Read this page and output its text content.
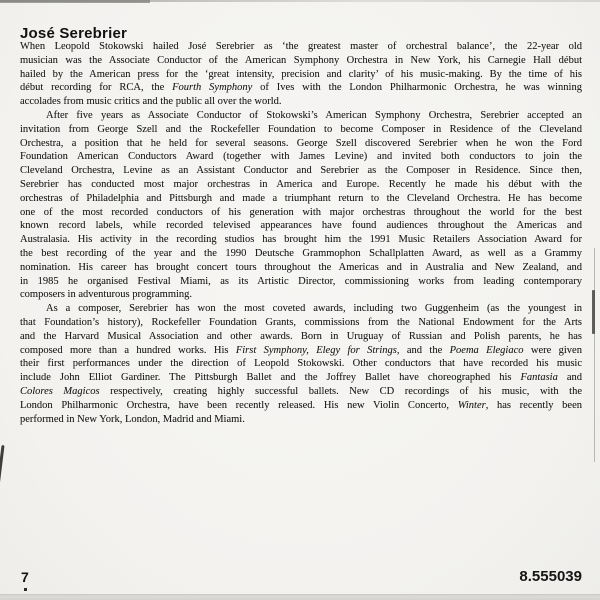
José Serebrier
When Leopold Stokowski hailed José Serebrier as ‘the greatest master of orchestral balance’, the 22-year old
musician was the Associate Conductor of the American Symphony Orchestra in New York, his Carnegie Hall début
hailed by the American press for the ‘great intensity, precision and clarity’ of his music-making. By the time of his
début recording for RCA, the Fourth Symphony of Ives with the London Philharmonic Orchestra, he was winning
accolades from music critics and the public all over the world.
After five years as Associate Conductor of Stokowski’s American Symphony Orchestra, Serebrier accepted an
invitation from George Szell and the Rockefeller Foundation to become Composer in Residence of the Cleveland
Orchestra, a position that he held for several seasons. George Szell discovered Serebrier when he won the Ford
Foundation American Conductors Award (together with James Levine) and invited both conductors to join the
Cleveland Orchestra, Levine as an Assistant Conductor and Serebrier as the Composer in Residence. Since then,
Serebrier has conducted most major orchestras in America and Europe. Recently he made his début with the
orchestras of Philadelphia and Pittsburgh and made a triumphant return to the Cleveland Orchestra. He has become
one of the most recorded conductors of his generation with major orchestras throughout the world for the best
known record labels, while recorded televised appearances have found audiences throughout the Americas and
Australasia. His activity in the recording studios has brought him the 1991 Music Retailers Association Award for
the best recording of the year and the 1990 Deutsche Grammophon Schallplatten Award, as well as a Grammy
nomination. His career has brought concert tours throughout the Americas and in Australia and New Zealand, and
in 1985 he organised Festival Miami, as its Artistic Director, commissioning works from leading contemporary
composers in adventurous programming.
As a composer, Serebrier has won the most coveted awards, including two Guggenheim (as the youngest in
that Foundation’s history), Rockefeller Foundation Grants, commissions from the National Endowment for the Arts
and the Harvard Musical Association and other awards. Born in Uruguay of Russian and Polish parents, he has
composed more than a hundred works. His First Symphony, Elegy for Strings, and the Poema Elegiaco were given
their first performances under the direction of Leopold Stokowski. Other conductors that have recorded his music
include John Elliot Gardiner. The Pittsburgh Ballet and the Joffrey Ballet have choreographed his Fantasia and
Colores Magicos respectively, creating highly successful ballets. New CD recordings of his music, with the
London Philharmonic Orchestra, have been recently released. His new Violin Concerto, Winter, has recently been
performed in New York, London, Madrid and Miami.
7	8.555039
